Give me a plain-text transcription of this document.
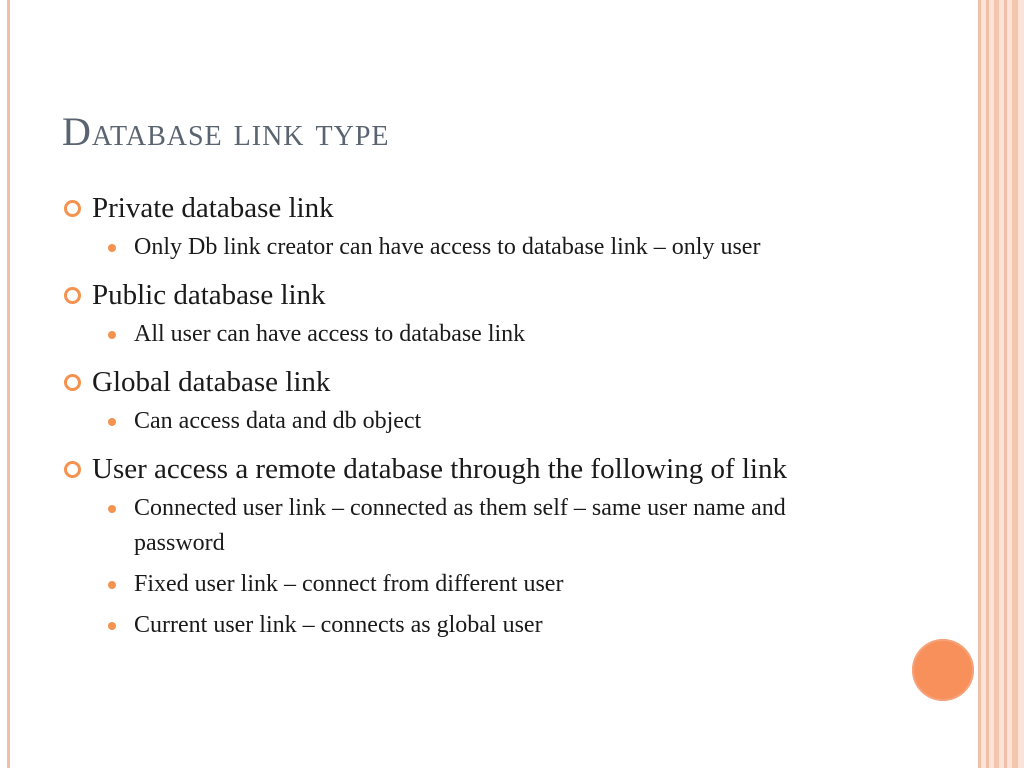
Database link type
Private database link
Only Db link creator can have access to database link – only user
Public database link
All user can have access to database link
Global database link
Can access data and db object
User access a remote database through the following of link
Connected user link – connected as them self – same user name and password
Fixed user link – connect from different user
Current user link – connects as global user
